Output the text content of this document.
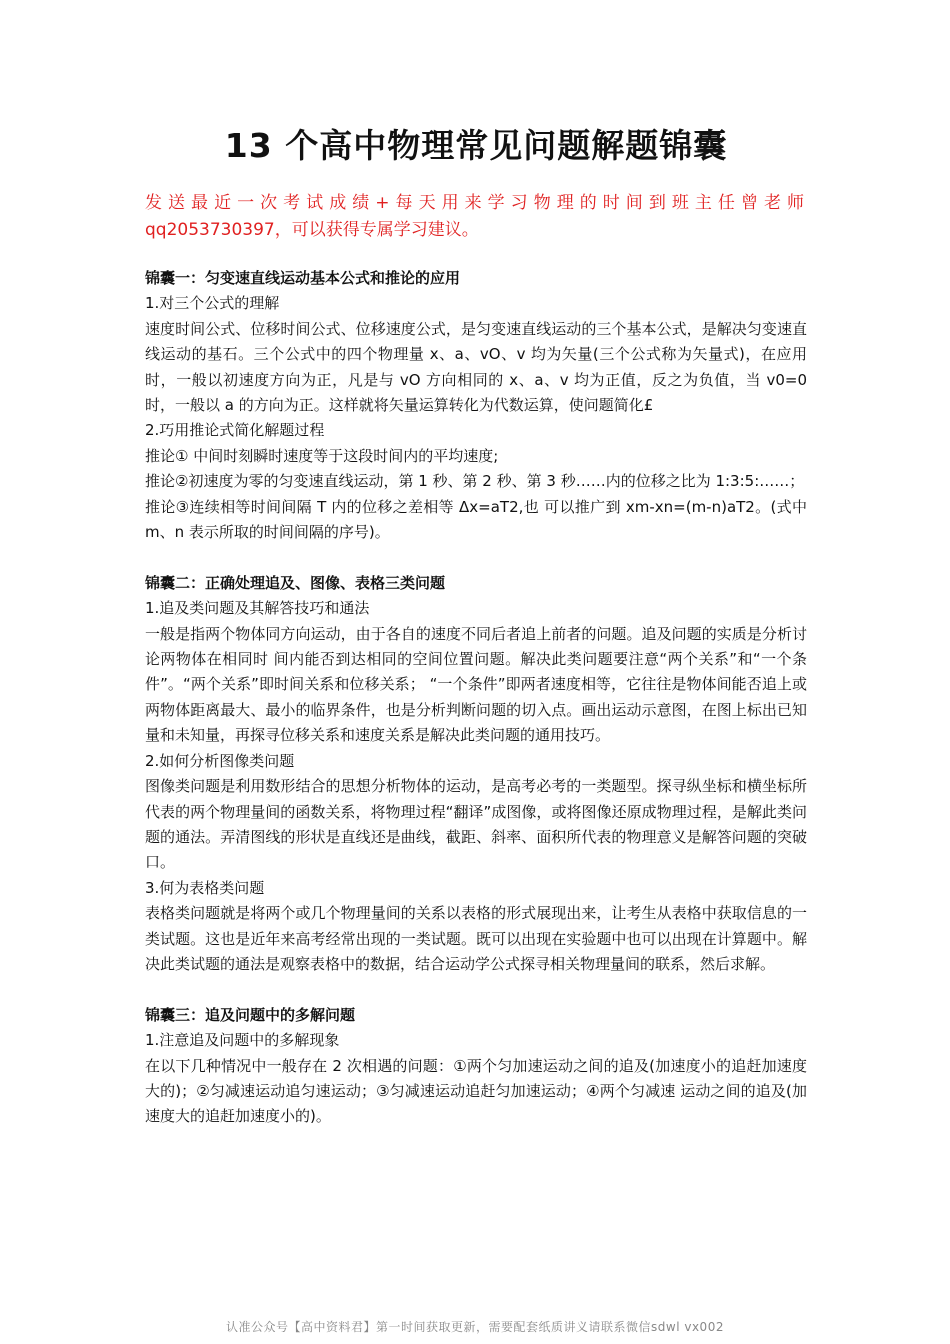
13 个高中物理常见问题解题锦囊
发送最近一次考试成绩+每天用来学习物理的时间到班主任曾老师
qq2053730397，可以获得专属学习建议。

锦囊一：匀变速直线运动基本公式和推论的应用

1.对三个公式的理解

速度时间公式、位移时间公式、位移速度公式，是匀变速直线运动的三个基本公式，是解决匀变速直线运动的基石。三个公式中的四个物理量 x、a、vO、v 均为矢量(三个公式称为矢量式)，在应用时，一般以初速度方向为正，凡是与 vO 方向相同的 x、a、v 均为正值，反之为负值，当 v0=0 时，一般以 a 的方向为正。这样就将矢量运算转化为代数运算，使问题简化£

2.巧用推论式简化解题过程

推论① 中间时刻瞬时速度等于这段时间内的平均速度;

推论②初速度为零的匀变速直线运动，第 1 秒、第 2 秒、第 3 秒……内的位移之比为 1:3:5:……；

推论③连续相等时间间隔 T 内的位移之差相等 Δx=aT2,也 可以推广到 xm-xn=(m-n)aT2。(式中 m、n 表示所取的时间间隔的序号)。

锦囊二：正确处理追及、图像、表格三类问题

1.追及类问题及其解答技巧和通法

一般是指两个物体同方向运动，由于各自的速度不同后者追上前者的问题。追及问题的实质是分析讨论两物体在相同时 间内能否到达相同的空间位置问题。解决此类问题要注意“两个关系”和“一个条件”。“两个关系”即时间关系和位移关系； “一个条件”即两者速度相等，它往往是物体间能否追上或两物体距离最大、最小的临界条件，也是分析判断问题的切入点。画出运动示意图，在图上标出已知量和未知量，再探寻位移关系和速度关系是解决此类问题的通用技巧。

2.如何分析图像类问题

图像类问题是利用数形结合的思想分析物体的运动，是高考必考的一类题型。探寻纵坐标和横坐标所代表的两个物理量间的函数关系，将物理过程“翻译”成图像，或将图像还原成物理过程，是解此类问题的通法。弄清图线的形状是直线还是曲线，截距、斜率、面积所代表的物理意义是解答问题的突破口。

3.何为表格类问题

表格类问题就是将两个或几个物理量间的关系以表格的形式展现出来，让考生从表格中获取信息的一类试题。这也是近年来高考经常出现的一类试题。既可以出现在实验题中也可以出现在计算题中。解决此类试题的通法是观察表格中的数据，结合运动学公式探寻相关物理量间的联系，然后求解。

锦囊三：追及问题中的多解问题

1.注意追及问题中的多解现象

在以下几种情况中一般存在 2 次相遇的问题：①两个匀加速运动之间的追及(加速度小的追赶加速度大的)；②匀减速运动追匀速运动；③匀减速运动追赶匀加速运动；④两个匀减速 运动之间的追及(加速度大的追赶加速度小的)。

认准公众号【高中资料君】第一时间获取更新，需要配套纸质讲义请联系微信sdwl vx002
